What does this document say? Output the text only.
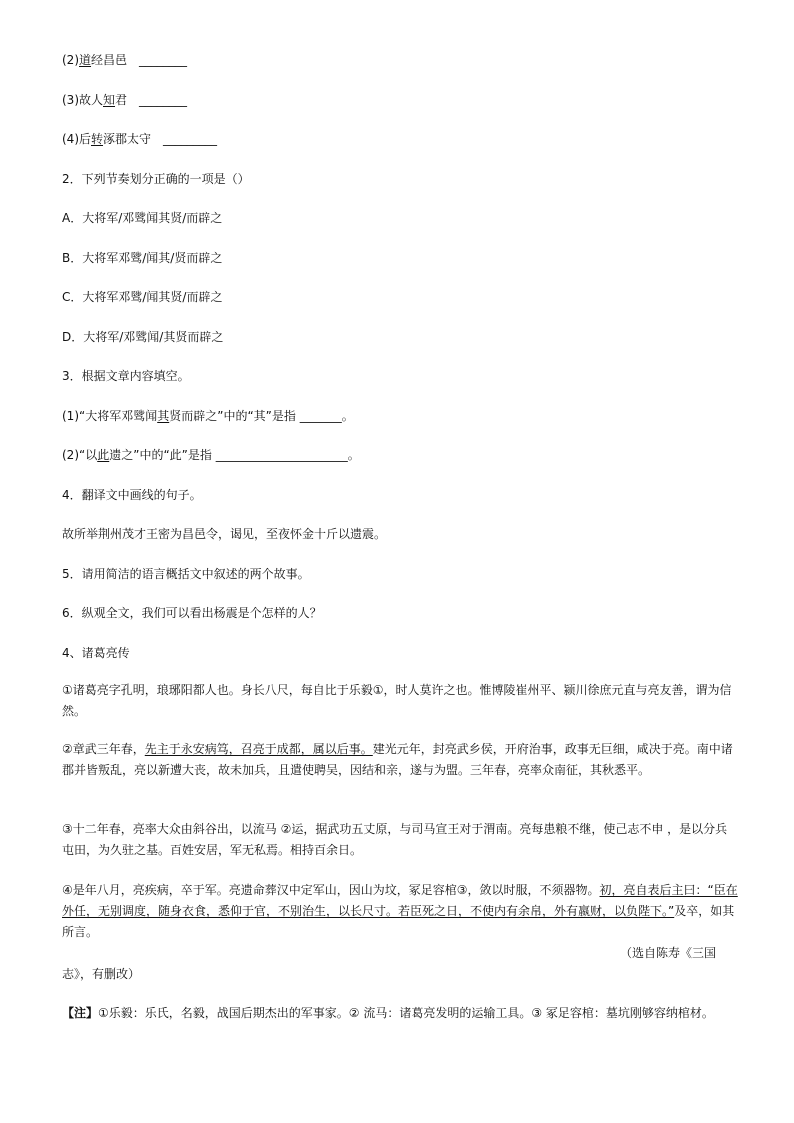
(2)道经昌邑　________
(3)故人知君　________
(4)后转涿郡太守　_________
2．下列节奏划分正确的一项是（）
A．大将军/邓骘闻其贤/而辟之
B．大将军邓骘/闻其/贤而辟之
C．大将军邓骘/闻其贤/而辟之
D．大将军/邓骘闻/其贤而辟之
3．根据文章内容填空。
(1)“大将军邓骘闻其贤而辟之”中的“其”是指 _______。
(2)“以此遗之”中的“此”是指 ______________________。
4．翻译文中画线的句子。
故所举荆州茂才王密为昌邑令，谒见，至夜怀金十斤以遗震。
5．请用简洁的语言概括文中叙述的两个故事。
6．纵观全文，我们可以看出杨震是个怎样的人？
4、诸葛亮传
①诸葛亮字孔明，琅琊阳都人也。身长八尺，每自比于乐毅①，时人莫许之也。惟博陵崔州平、颍川徐庶元直与亮友善，谓为信然。
②章武三年春，先主于永安病笃，召亮于成都，属以后事。建光元年，封亮武乡侯，开府治事，政事无巨细，咸决于亮。南中诸郡并皆叛乱，亮以新遭大丧，故未加兵，且遣使聘吴，因结和亲，遂与为盟。三年春，亮率众南征，其秋悉平。
③十二年春，亮率大众由斜谷出，以流马 ②运，据武功五丈原，与司马宣王对于渭南。亮每患粮不继，使己志不申 ，是以分兵屯田，为久驻之基。百姓安居，军无私焉。相持百余日。
④是年八月，亮疾病，卒于军。亮遗命葬汉中定军山，因山为坟，冢足容棺③，敛以时服，不须器物。初，亮自表后主曰：“臣在外任，无别调度，随身衣食，悉仰于官，不别治生，以长尺寸。若臣死之日，不使内有余帛，外有嬴财，以负陛下。”及卒，如其所言。
（选自陈寿《三国
志》，有删改）
【注】①乐毅：乐氏，名毅，战国后期杰出的军事家。② 流马：诸葛亮发明的运输工具。③ 冢足容棺：墓坑刚够容纳棺材。
